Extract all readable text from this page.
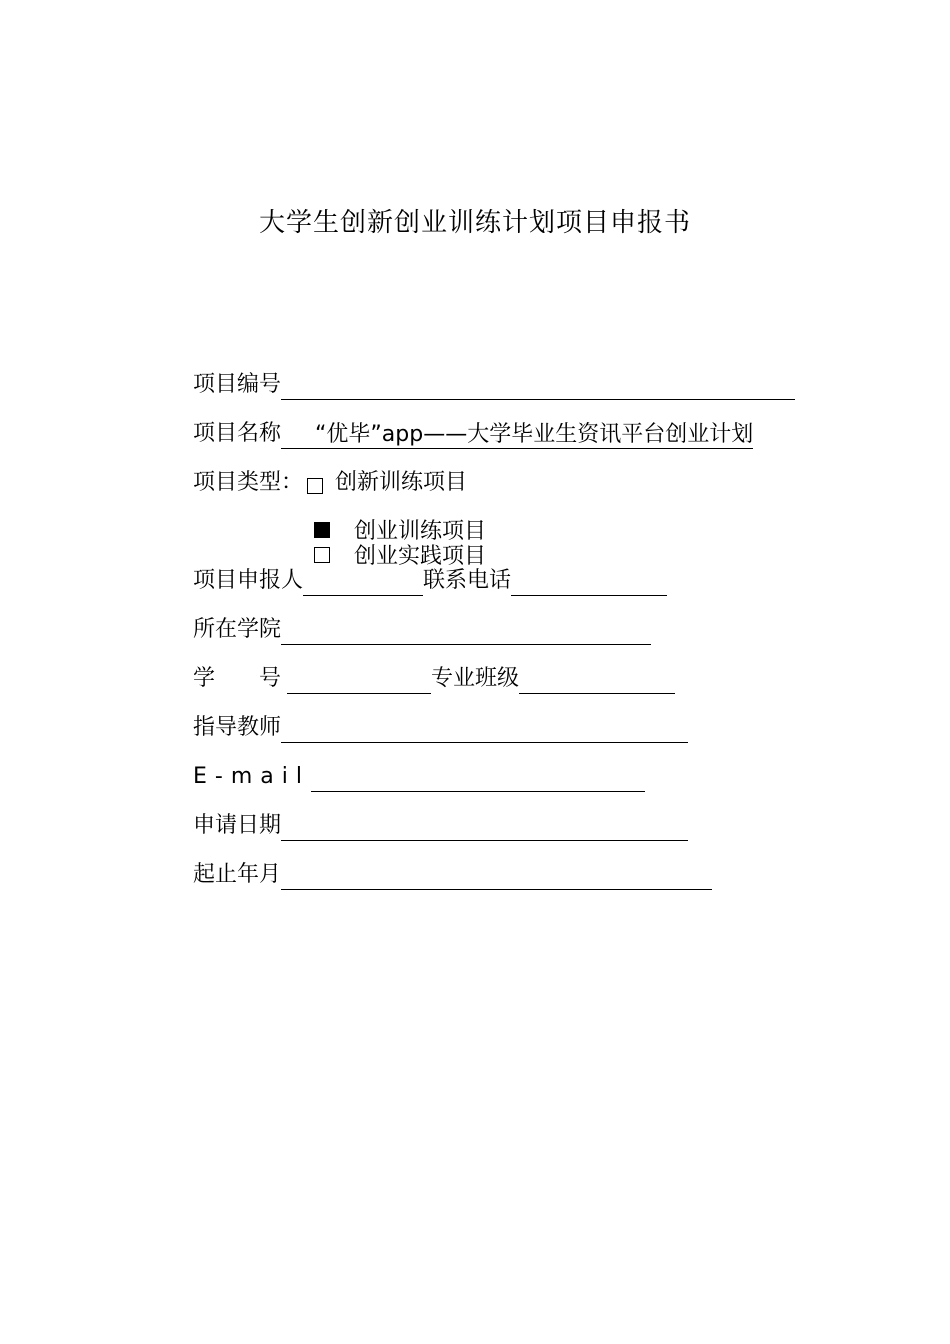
大学生创新创业训练计划项目申报书
项目编号
项目名称 “优毕”app——大学毕业生资讯平台创业计划
项目类型： 创新训练项目
创业训练项目
创业实践项目
项目申报人	联系电话
所在学院
学　　号	专业班级
指导教师
E-mail
申请日期
起止年月
